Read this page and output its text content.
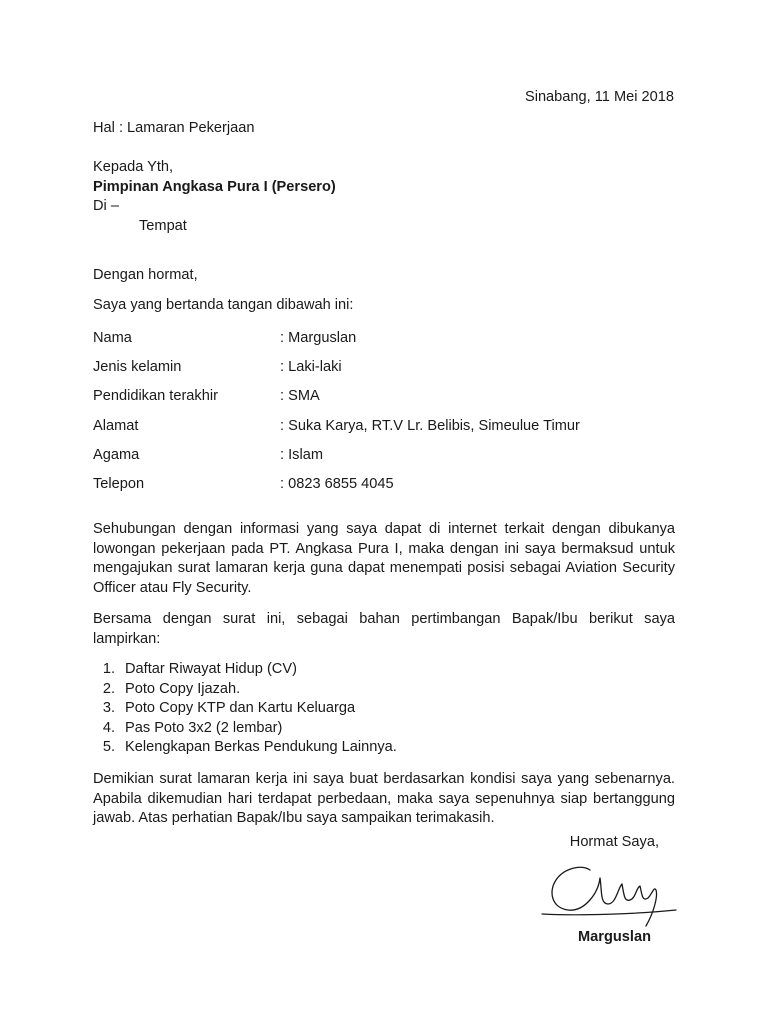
Sinabang, 11 Mei 2018
Hal : Lamaran Pekerjaan
Kepada Yth,
Pimpinan Angkasa Pura I (Persero)
Di –
Tempat
Dengan hormat,
Saya yang bertanda tangan dibawah ini:
Nama	: Marguslan
Jenis kelamin	: Laki-laki
Pendidikan terakhir	: SMA
Alamat	: Suka Karya, RT.V Lr. Belibis, Simeulue Timur
Agama	: Islam
Telepon	: 0823 6855 4045
Sehubungan dengan informasi yang saya dapat di internet terkait dengan dibukanya lowongan pekerjaan pada PT. Angkasa Pura I, maka dengan ini saya bermaksud untuk mengajukan surat lamaran kerja guna dapat menempati posisi sebagai Aviation Security Officer atau Fly Security.
Bersama dengan surat ini, sebagai bahan pertimbangan Bapak/Ibu berikut saya lampirkan:
1. Daftar Riwayat Hidup (CV)
2. Poto Copy Ijazah.
3. Poto Copy KTP dan Kartu Keluarga
4. Pas Poto 3x2 (2 lembar)
5. Kelengkapan Berkas Pendukung Lainnya.
Demikian surat lamaran kerja ini saya buat berdasarkan kondisi saya yang sebenarnya. Apabila dikemudian hari terdapat perbedaan, maka saya sepenuhnya siap bertanggung jawab. Atas perhatian Bapak/Ibu saya sampaikan terimakasih.
Hormat Saya,
Marguslan
